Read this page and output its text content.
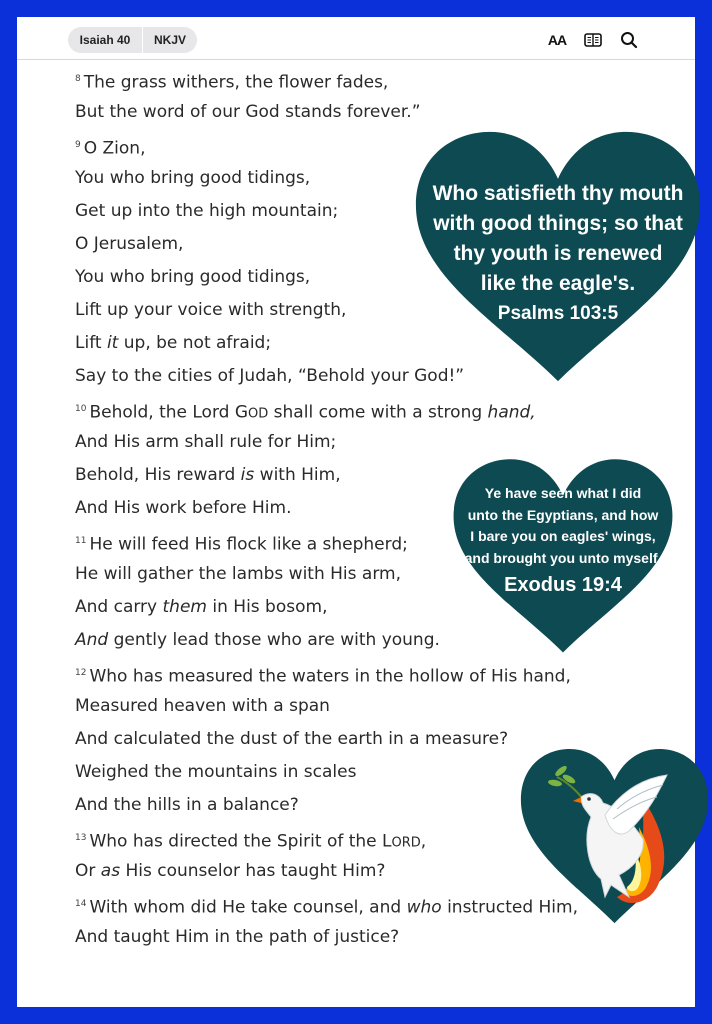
Isaiah 40	NKJV	AA
$^8$ The grass withers, the flower fades,
But the word of our God stands forever.”
$^9$ O Zion,
You who bring good tidings,
Get up into the high mountain;
O Jerusalem,
You who bring good tidings,
Lift up your voice with strength,
Lift it up, be not afraid;
Say to the cities of Judah, “Behold your God!”
$^{10}$ Behold, the Lord GOD shall come with a strong hand,
And His arm shall rule for Him;
Behold, His reward is with Him,
And His work before Him.
$^{11}$ He will feed His flock like a shepherd;
He will gather the lambs with His arm,
And carry them in His bosom,
And gently lead those who are with young.
$^{12}$ Who has measured the waters in the hollow of His hand,
Measured heaven with a span
And calculated the dust of the earth in a measure?
Weighed the mountains in scales
And the hills in a balance?
$^{13}$ Who has directed the Spirit of the LORD,
Or as His counselor has taught Him?
$^{14}$ With whom did He take counsel, and who instructed Him,
And taught Him in the path of justice?
Who satisfieth thy mouth
with good things; so that
thy youth is renewed
like the eagle's.
Psalms 103:5
Ye have seen what I did
unto the Egyptians, and how
I bare you on eagles' wings,
and brought you unto myself.
Exodus 19:4
